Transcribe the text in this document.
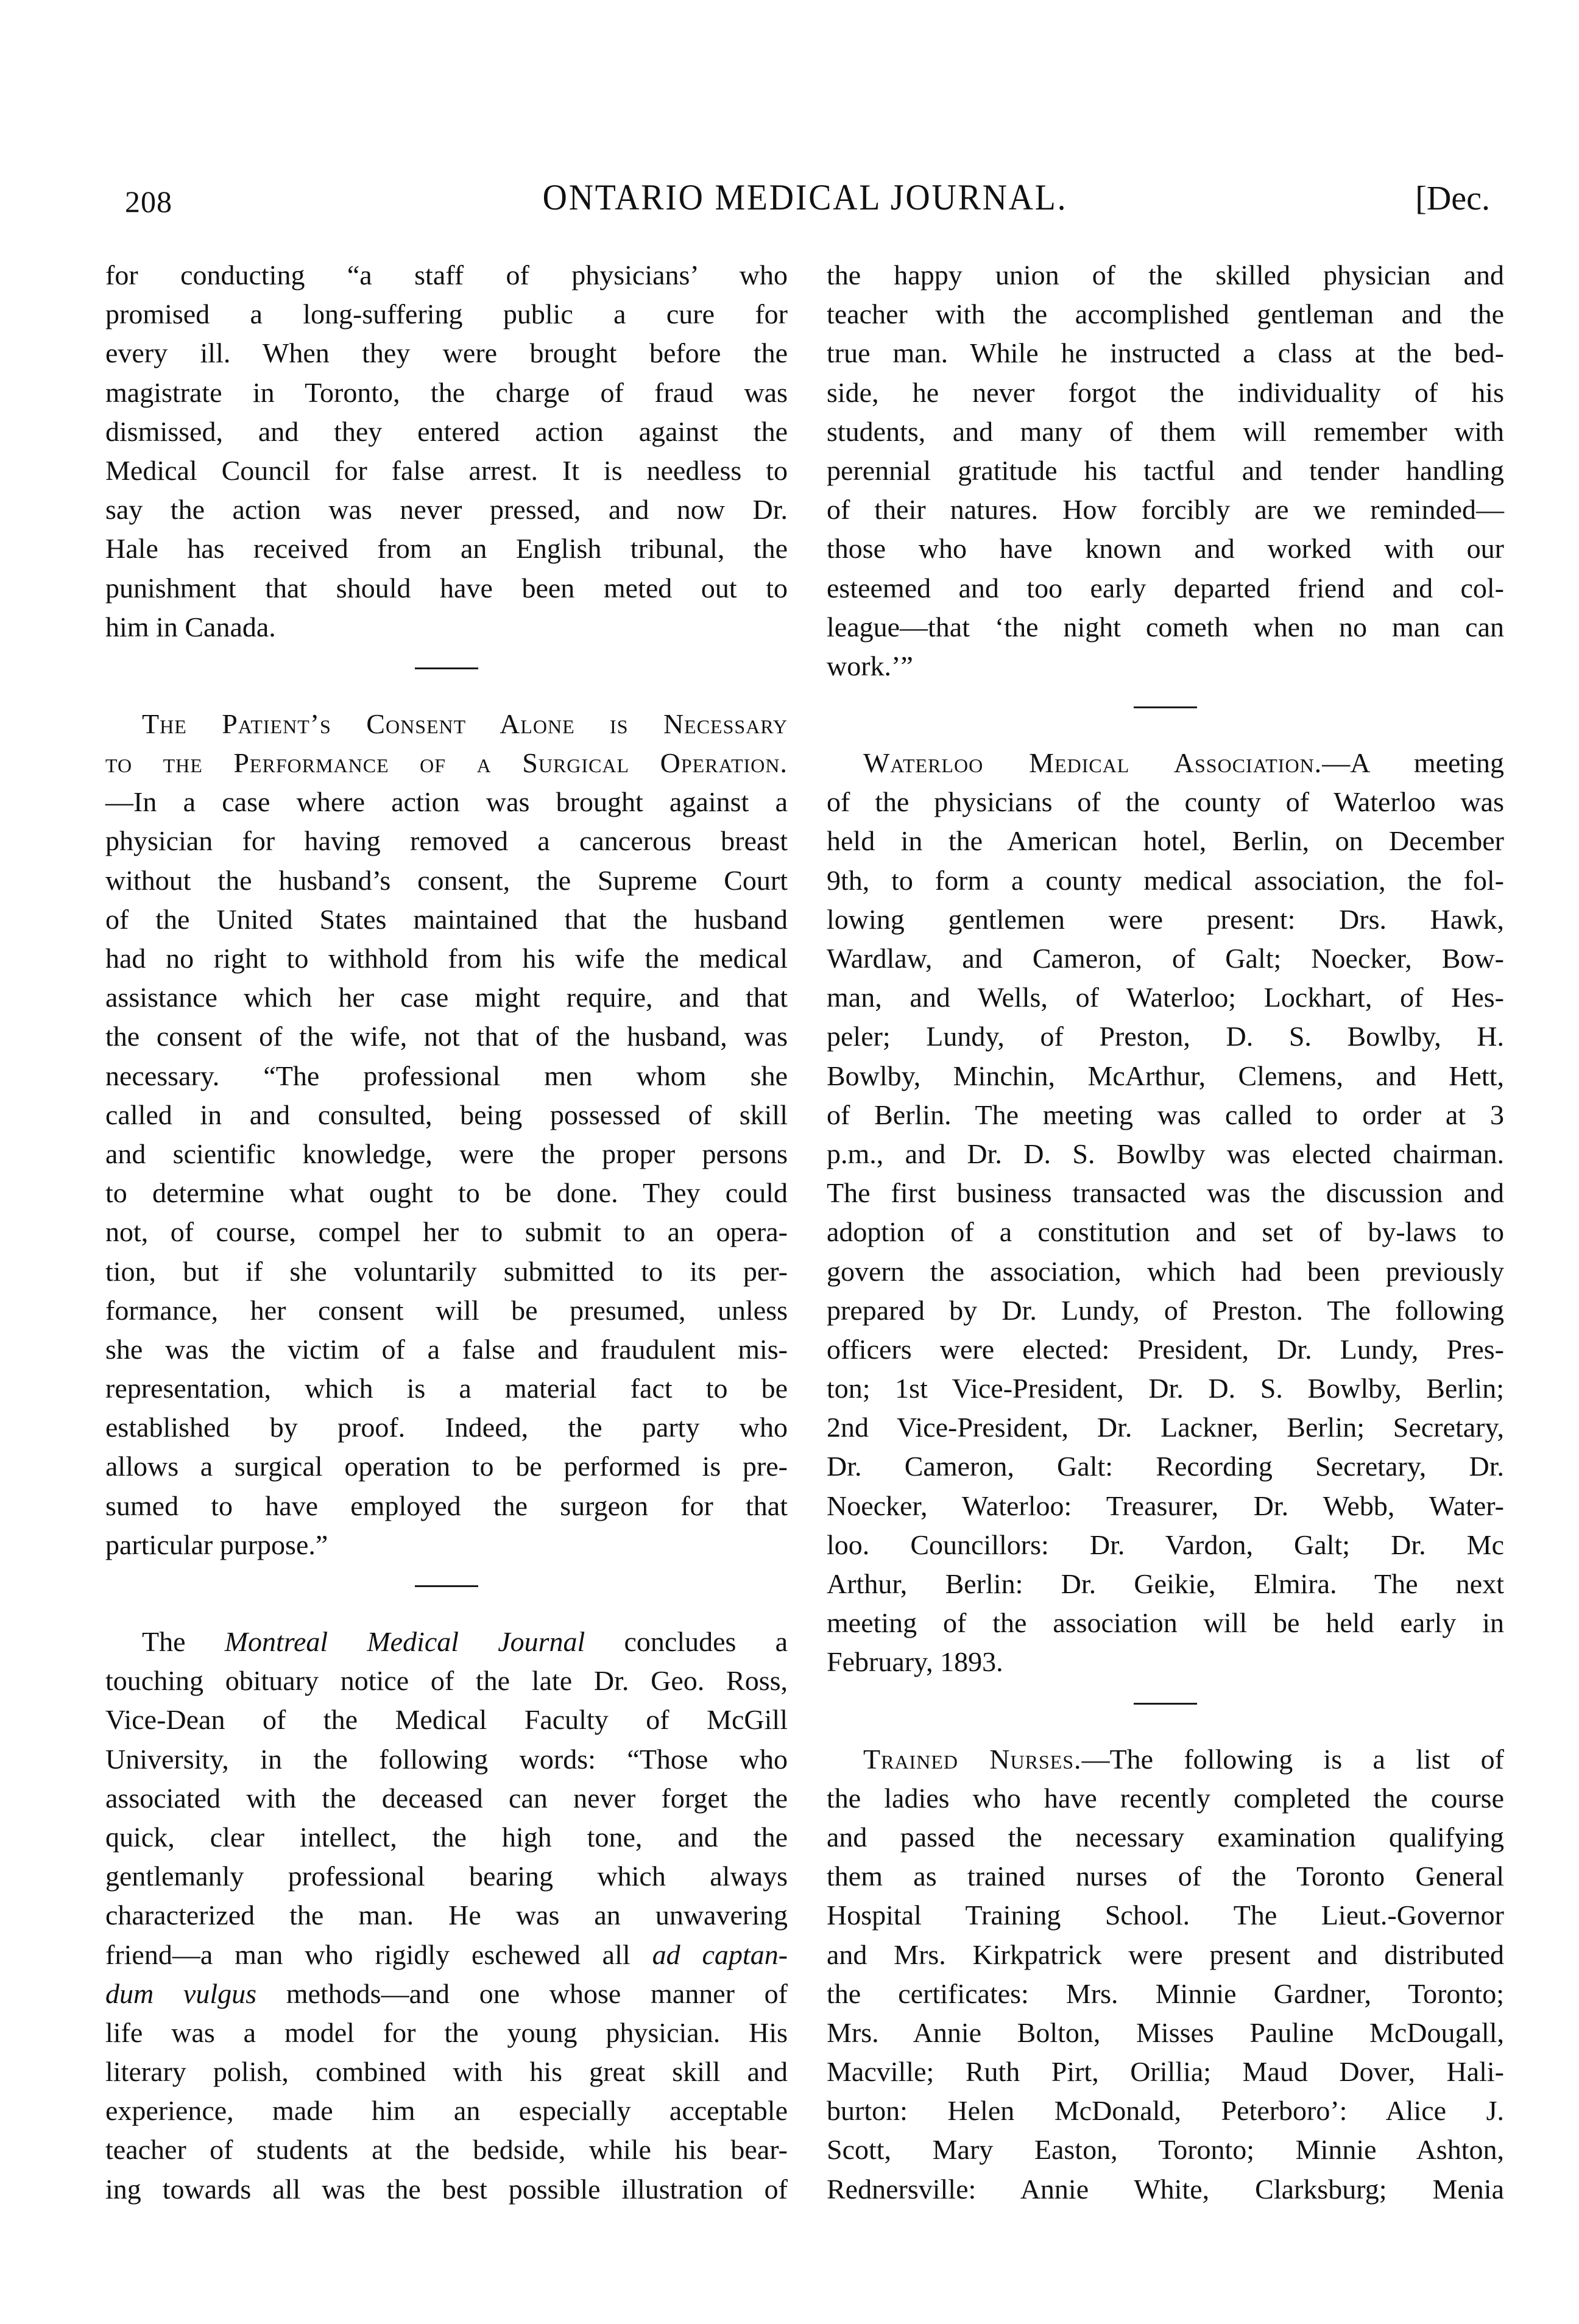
208	ONTARIO MEDICAL JOURNAL.	[Dec.
for conducting “a staff of physicians’ who
promised a long-suffering public a cure for
every ill. When they were brought before the
magistrate in Toronto, the charge of fraud was
dismissed, and they entered action against the
Medical Council for false arrest. It is needless to
say the action was never pressed, and now Dr.
Hale has received from an English tribunal, the
punishment that should have been meted out to
him in Canada.
The Patient’s Consent Alone is Necessary
to the Performance of a Surgical Operation.
—In a case where action was brought against a
physician for having removed a cancerous breast
without the husband’s consent, the Supreme Court
of the United States maintained that the husband
had no right to withhold from his wife the medical
assistance which her case might require, and that
the consent of the wife, not that of the husband, was
necessary. “The professional men whom she
called in and consulted, being possessed of skill
and scientific knowledge, were the proper persons
to determine what ought to be done. They could
not, of course, compel her to submit to an opera-
tion, but if she voluntarily submitted to its per-
formance, her consent will be presumed, unless
she was the victim of a false and fraudulent mis-
representation, which is a material fact to be
established by proof. Indeed, the party who
allows a surgical operation to be performed is pre-
sumed to have employed the surgeon for that
particular purpose.”
The Montreal Medical Journal concludes a
touching obituary notice of the late Dr. Geo. Ross,
Vice-Dean of the Medical Faculty of McGill
University, in the following words: “Those who
associated with the deceased can never forget the
quick, clear intellect, the high tone, and the
gentlemanly professional bearing which always
characterized the man. He was an unwavering
friend—a man who rigidly eschewed all ad captan-
dum vulgus methods—and one whose manner of
life was a model for the young physician. His
literary polish, combined with his great skill and
experience, made him an especially acceptable
teacher of students at the bedside, while his bear-
ing towards all was the best possible illustration of
the happy union of the skilled physician and
teacher with the accomplished gentleman and the
true man. While he instructed a class at the bed-
side, he never forgot the individuality of his
students, and many of them will remember with
perennial gratitude his tactful and tender handling
of their natures. How forcibly are we reminded—
those who have known and worked with our
esteemed and too early departed friend and col-
league—that ‘the night cometh when no man can
work.’”
Waterloo Medical Association.—A meeting
of the physicians of the county of Waterloo was
held in the American hotel, Berlin, on December
9th, to form a county medical association, the fol-
lowing gentlemen were present: Drs. Hawk,
Wardlaw, and Cameron, of Galt; Noecker, Bow-
man, and Wells, of Waterloo; Lockhart, of Hes-
peler; Lundy, of Preston, D. S. Bowlby, H.
Bowlby, Minchin, McArthur, Clemens, and Hett,
of Berlin. The meeting was called to order at 3
p.m., and Dr. D. S. Bowlby was elected chairman.
The first business transacted was the discussion and
adoption of a constitution and set of by-laws to
govern the association, which had been previously
prepared by Dr. Lundy, of Preston. The following
officers were elected: President, Dr. Lundy, Pres-
ton; 1st Vice-President, Dr. D. S. Bowlby, Berlin;
2nd Vice-President, Dr. Lackner, Berlin; Secretary,
Dr. Cameron, Galt: Recording Secretary, Dr.
Noecker, Waterloo: Treasurer, Dr. Webb, Water-
loo. Councillors: Dr. Vardon, Galt; Dr. Mc
Arthur, Berlin: Dr. Geikie, Elmira. The next
meeting of the association will be held early in
February, 1893.
Trained Nurses.—The following is a list of
the ladies who have recently completed the course
and passed the necessary examination qualifying
them as trained nurses of the Toronto General
Hospital Training School. The Lieut.-Governor
and Mrs. Kirkpatrick were present and distributed
the certificates: Mrs. Minnie Gardner, Toronto;
Mrs. Annie Bolton, Misses Pauline McDougall,
Macville; Ruth Pirt, Orillia; Maud Dover, Hali-
burton: Helen McDonald, Peterboro’: Alice J.
Scott, Mary Easton, Toronto; Minnie Ashton,
Rednersville: Annie White, Clarksburg; Menia
